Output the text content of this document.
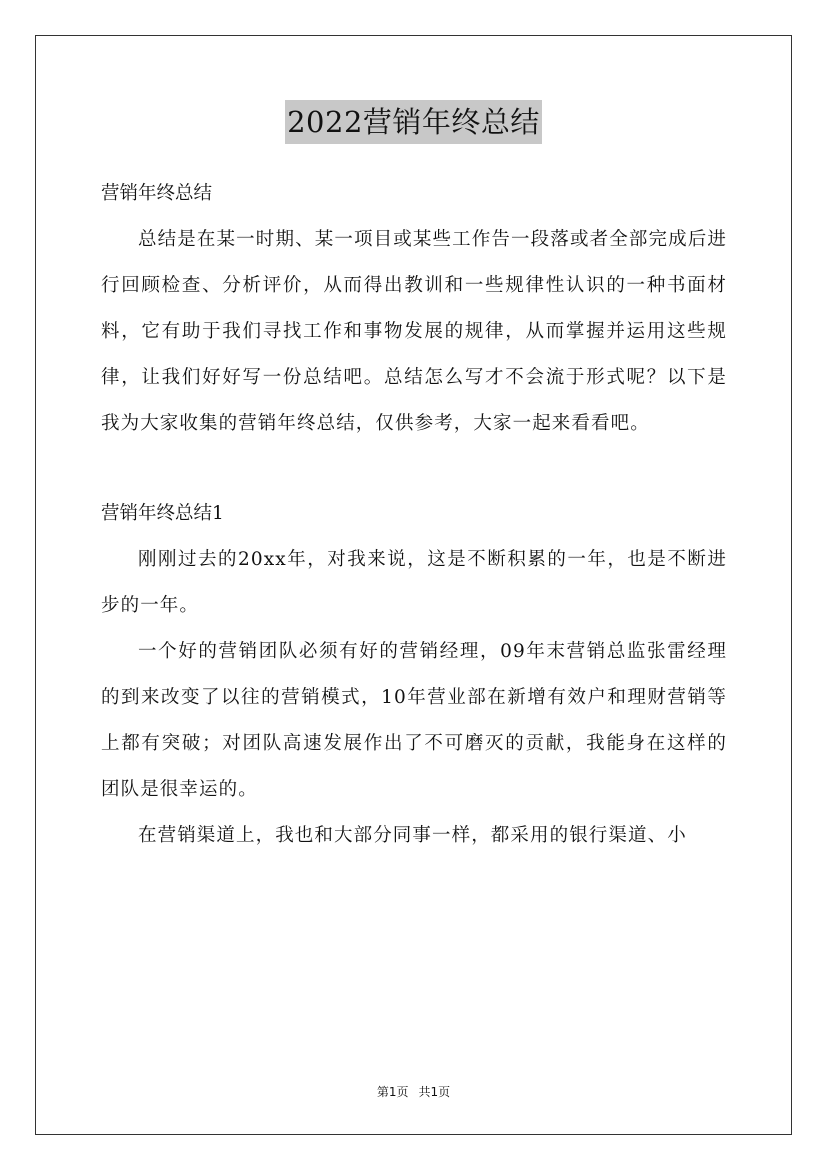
2022营销年终总结

营销年终总结

总结是在某一时期、某一项目或某些工作告一段落或者全部完成后进行回顾检查、分析评价，从而得出教训和一些规律性认识的一种书面材料，它有助于我们寻找工作和事物发展的规律，从而掌握并运用这些规律，让我们好好写一份总结吧。总结怎么写才不会流于形式呢？以下是我为大家收集的营销年终总结，仅供参考，大家一起来看看吧。

营销年终总结1

刚刚过去的20xx年，对我来说，这是不断积累的一年，也是不断进步的一年。

一个好的营销团队必须有好的营销经理，09年末营销总监张雷经理的到来改变了以往的营销模式，10年营业部在新增有效户和理财营销等上都有突破；对团队高速发展作出了不可磨灭的贡献，我能身在这样的团队是很幸运的。

在营销渠道上，我也和大部分同事一样，都采用的银行渠道、小

第1页 共1页
